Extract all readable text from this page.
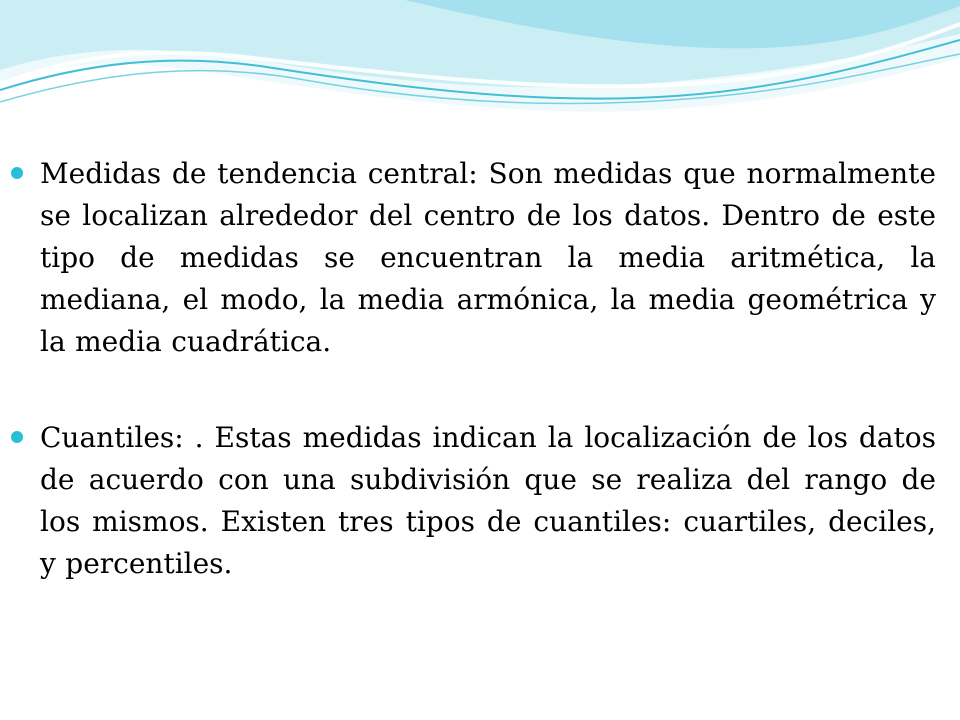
Medidas de tendencia central: Son medidas que normalmente se localizan alrededor del centro de los datos. Dentro de este tipo de medidas se encuentran la media aritmética, la mediana, el modo, la media armónica, la media geométrica y la media cuadrática.
Cuantiles: . Estas medidas indican la localización de los datos de acuerdo con una subdivisión que se realiza del rango de los mismos. Existen tres tipos de cuantiles: cuartiles, deciles, y percentiles.
